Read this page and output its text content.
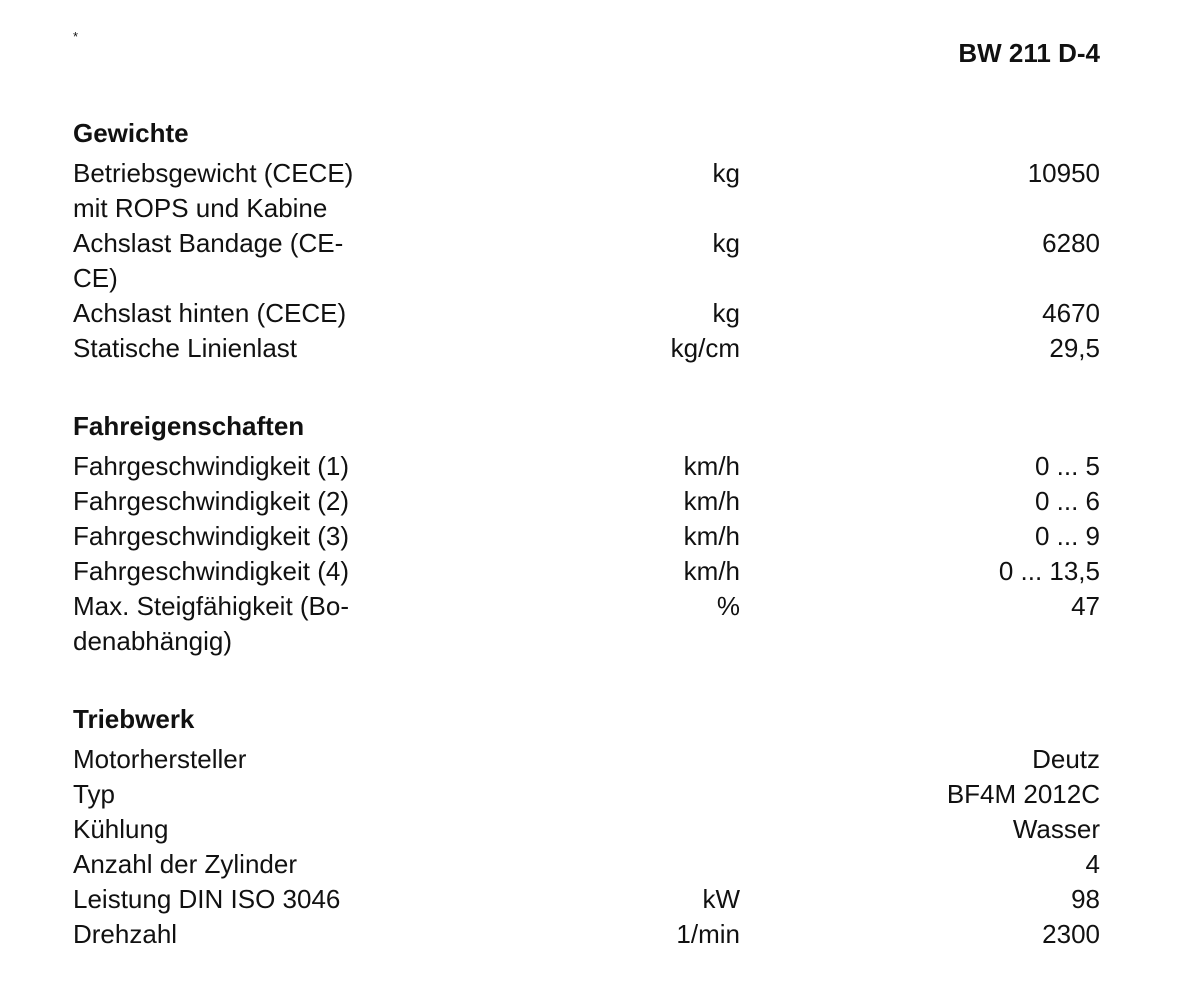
*
BW 211 D-4
Gewichte
Betriebsgewicht (CECE)
mit ROPS und Kabine
kg	10950
Achslast Bandage (CE-
CE)
kg	6280
Achslast hinten (CECE)	kg	4670
Statische Linienlast	kg/cm	29,5
Fahreigenschaften
Fahrgeschwindigkeit (1)	km/h	0 ... 5
Fahrgeschwindigkeit (2)	km/h	0 ... 6
Fahrgeschwindigkeit (3)	km/h	0 ... 9
Fahrgeschwindigkeit (4)	km/h	0 ... 13,5
Max. Steigfähigkeit (Bo-
denabhängig)
%	47
Triebwerk
Motorhersteller	Deutz
Typ	BF4M 2012C
Kühlung	Wasser
Anzahl der Zylinder	4
Leistung DIN ISO 3046	kW	98
Drehzahl	1/min	2300
